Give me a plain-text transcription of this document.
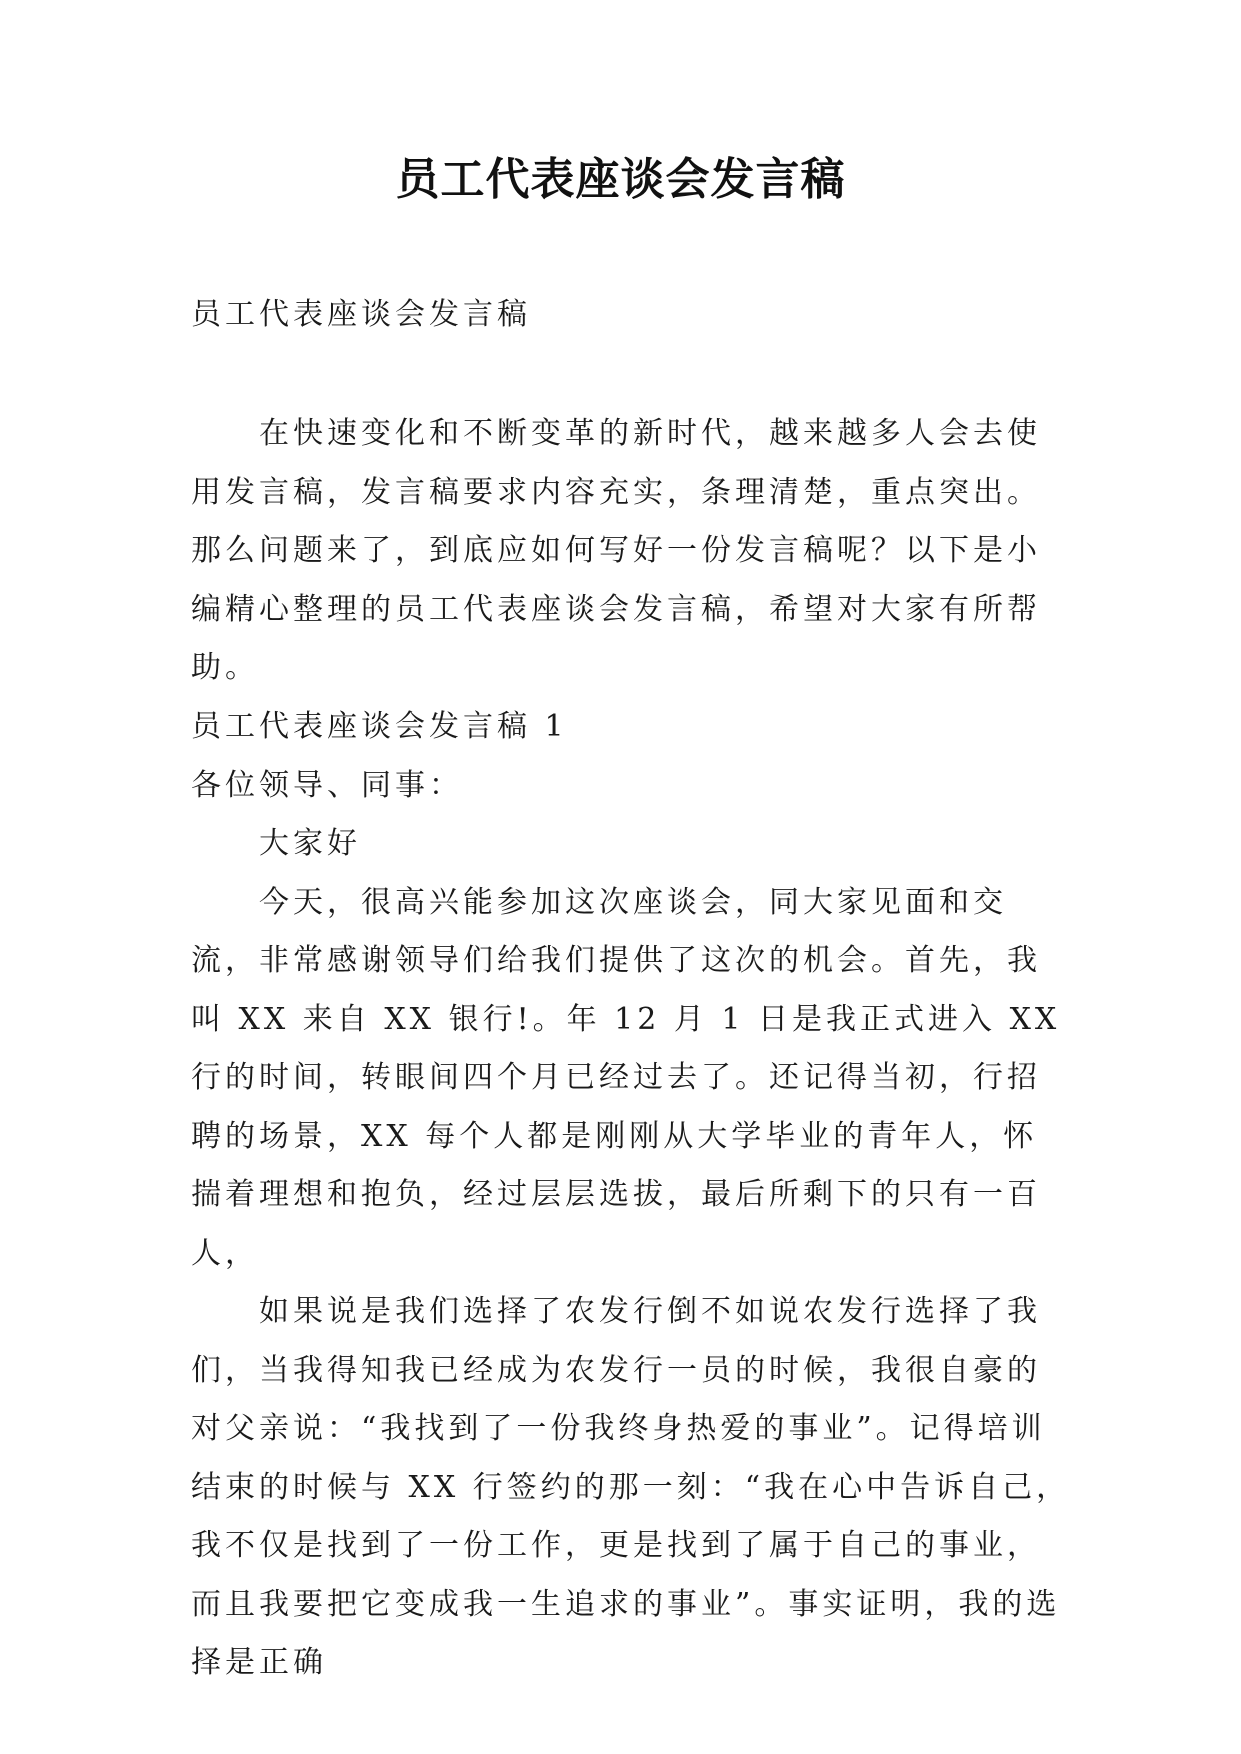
员工代表座谈会发言稿
员工代表座谈会发言稿

在快速变化和不断变革的新时代，越来越多人会去使用发言稿，发言稿要求内容充实，条理清楚，重点突出。那么问题来了，到底应如何写好一份发言稿呢？以下是小编精心整理的员工代表座谈会发言稿，希望对大家有所帮助。

员工代表座谈会发言稿 1

各位领导、同事：

大家好

今天，很高兴能参加这次座谈会，同大家见面和交流，非常感谢领导们给我们提供了这次的机会。首先，我叫 XX 来自 XX 银行!。年 12 月 1 日是我正式进入 XX 行的时间，转眼间四个月已经过去了。还记得当初，行招聘的场景，XX 每个人都是刚刚从大学毕业的青年人，怀揣着理想和抱负，经过层层选拔，最后所剩下的只有一百人，

如果说是我们选择了农发行倒不如说农发行选择了我们，当我得知我已经成为农发行一员的时候，我很自豪的对父亲说：“我找到了一份我终身热爱的事业”。记得培训结束的时候与 XX 行签约的那一刻：“我在心中告诉自己，我不仅是找到了一份工作，更是找到了属于自己的事业，而且我要把它变成我一生追求的事业”。事实证明，我的选择是正确
